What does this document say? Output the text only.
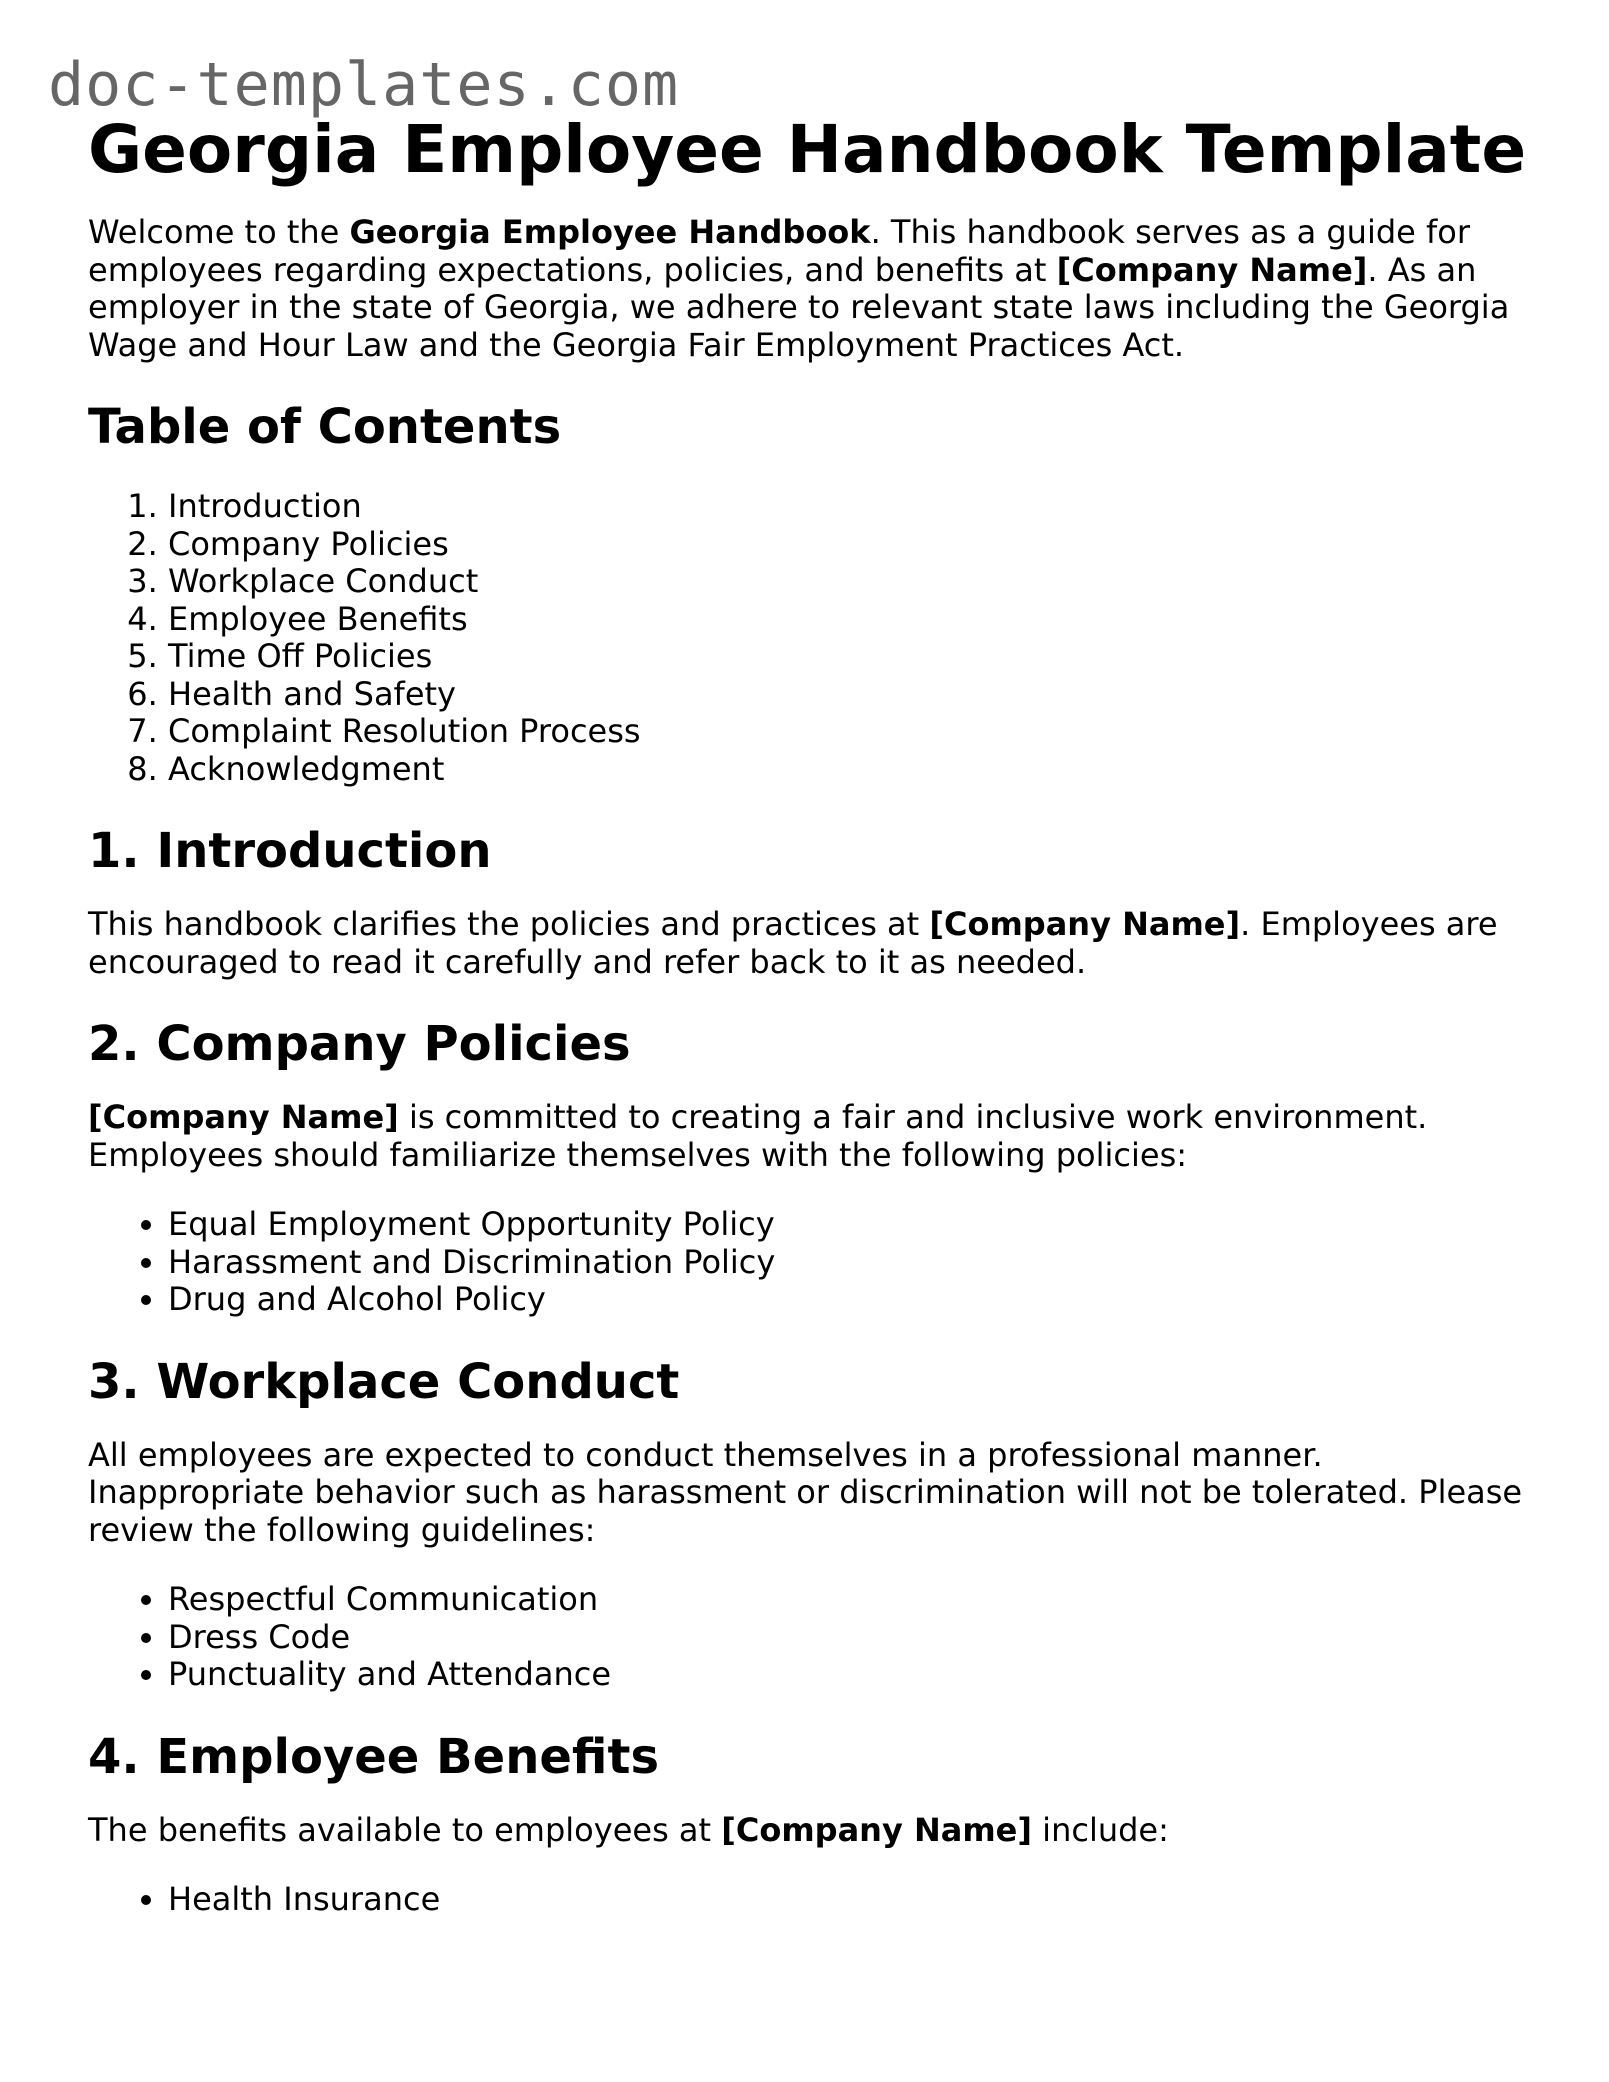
doc-templates.com
Georgia Employee Handbook Template

Welcome to the Georgia Employee Handbook. This handbook serves as a guide for employees regarding expectations, policies, and benefits at [Company Name]. As an employer in the state of Georgia, we adhere to relevant state laws including the Georgia Wage and Hour Law and the Georgia Fair Employment Practices Act.

Table of Contents
1. Introduction
2. Company Policies
3. Workplace Conduct
4. Employee Benefits
5. Time Off Policies
6. Health and Safety
7. Complaint Resolution Process
8. Acknowledgment
1. Introduction

This handbook clarifies the policies and practices at [Company Name]. Employees are encouraged to read it carefully and refer back to it as needed.

2. Company Policies

[Company Name] is committed to creating a fair and inclusive work environment. Employees should familiarize themselves with the following policies:

• Equal Employment Opportunity Policy
• Harassment and Discrimination Policy
• Drug and Alcohol Policy
3. Workplace Conduct

All employees are expected to conduct themselves in a professional manner. Inappropriate behavior such as harassment or discrimination will not be tolerated. Please review the following guidelines:

• Respectful Communication
• Dress Code
• Punctuality and Attendance
4. Employee Benefits

The benefits available to employees at [Company Name] include:

• Health Insurance
